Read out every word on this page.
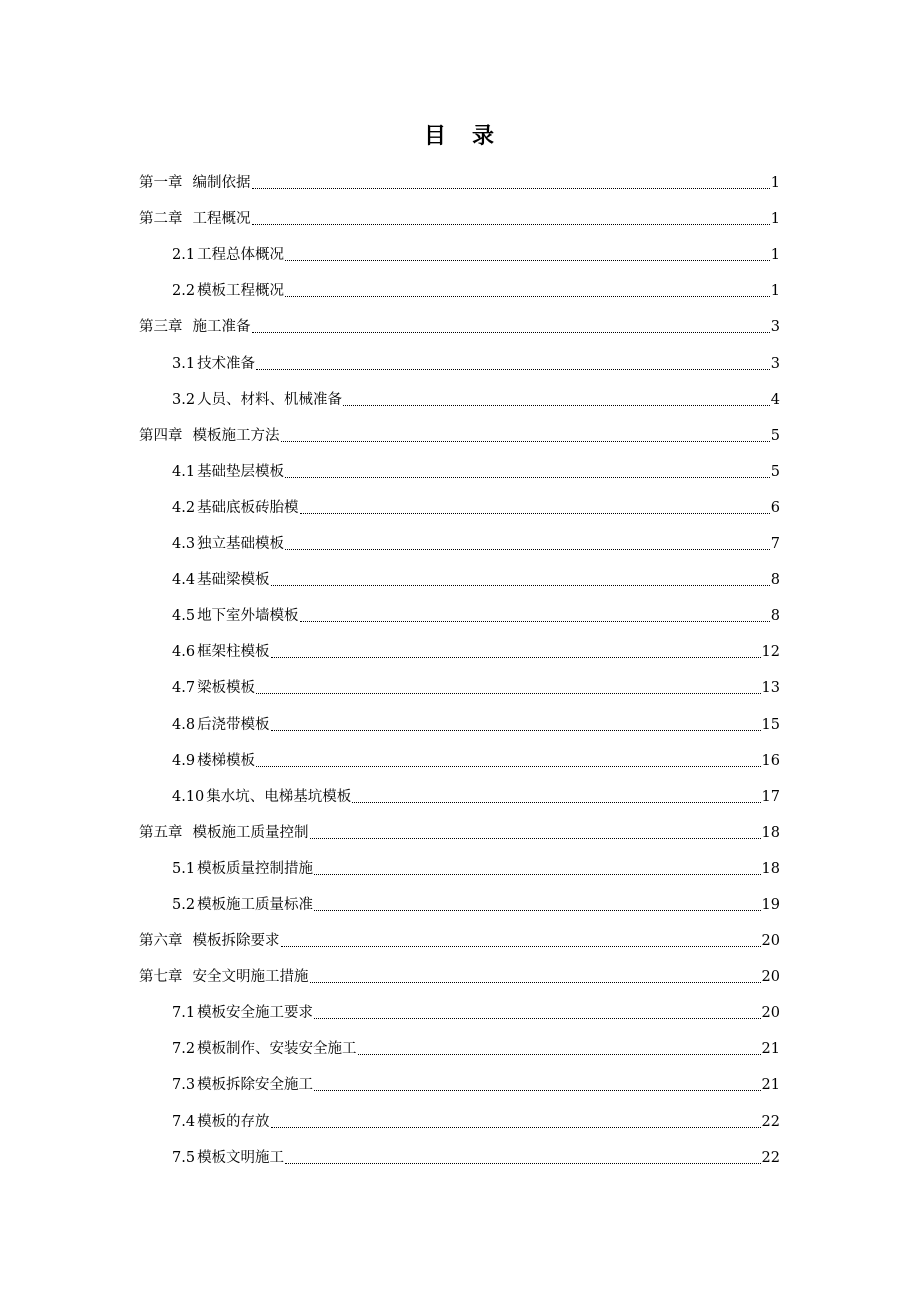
目　录
第一章 编制依据	1
第二章 工程概况	1
2.1 工程总体概况	1
2.2 模板工程概况	1
第三章 施工准备	3
3.1 技术准备	3
3.2 人员、材料、机械准备	4
第四章 模板施工方法	5
4.1 基础垫层模板	5
4.2 基础底板砖胎模	6
4.3 独立基础模板	7
4.4 基础梁模板	8
4.5 地下室外墙模板	8
4.6 框架柱模板	12
4.7 梁板模板	13
4.8 后浇带模板	15
4.9 楼梯模板	16
4.10 集水坑、电梯基坑模板	17
第五章 模板施工质量控制	18
5.1 模板质量控制措施	18
5.2 模板施工质量标准	19
第六章 模板拆除要求	20
第七章 安全文明施工措施	20
7.1 模板安全施工要求	20
7.2 模板制作、安装安全施工	21
7.3 模板拆除安全施工	21
7.4 模板的存放	22
7.5 模板文明施工	22
